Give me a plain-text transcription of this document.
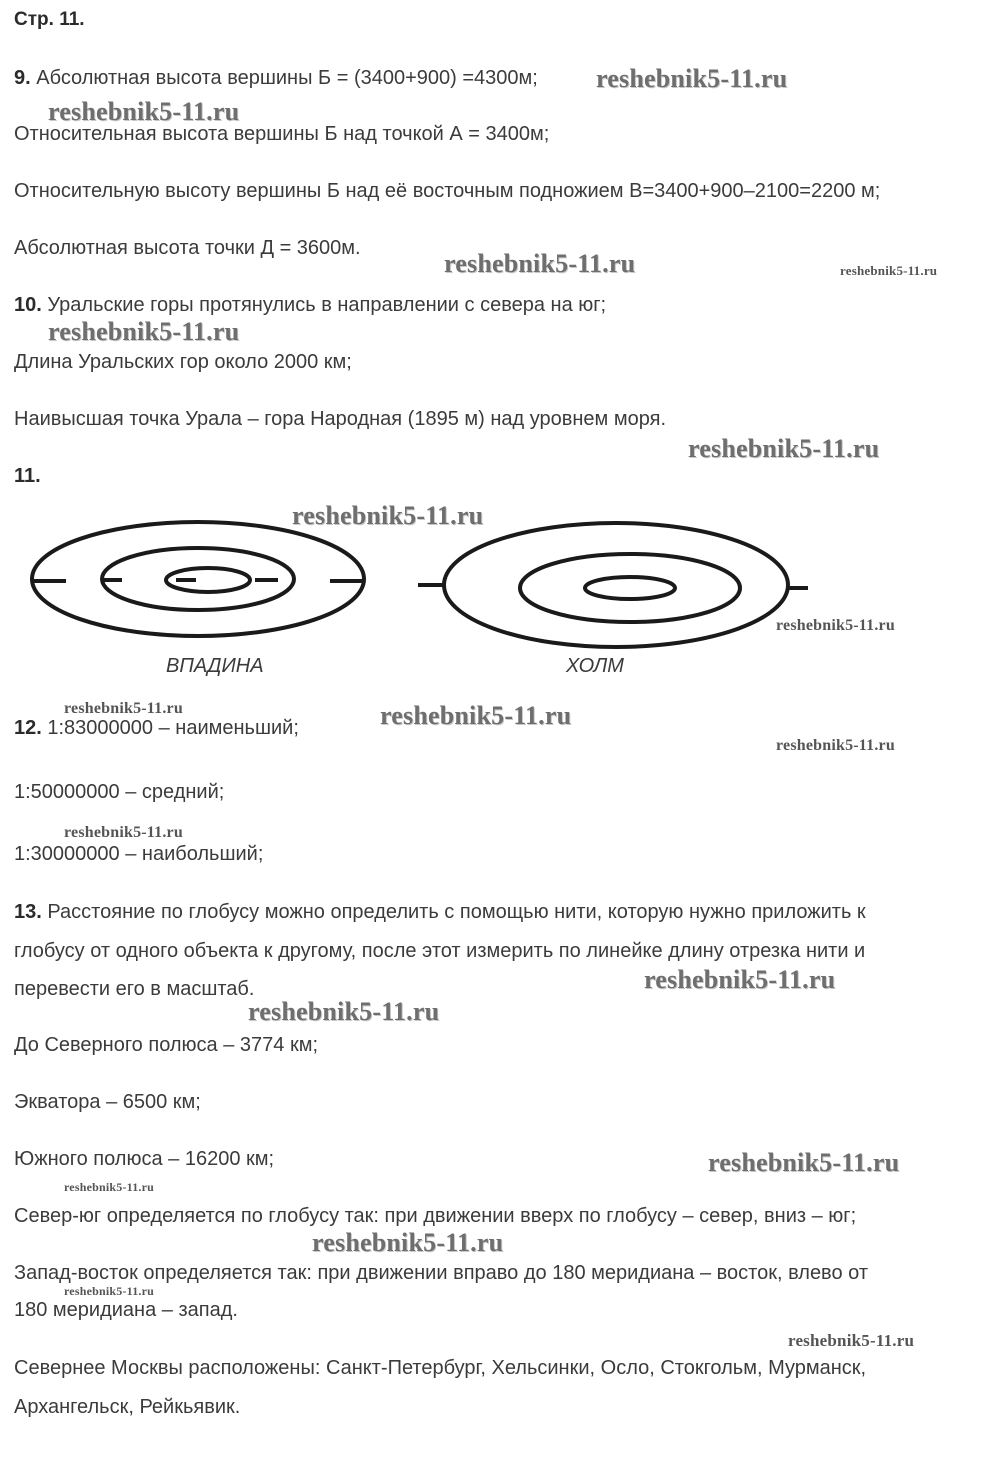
Стр. 11.

9. Абсолютная высота вершины Б = (3400+900) =4300м;

Относительная высота вершины Б над точкой А = 3400м;

Относительную высоту вершины Б над её восточным подножием В=3400+900–2100=2200 м;

Абсолютная высота точки Д = 3600м.

10. Уральские горы протянулись в направлении с севера на юг;

Длина Уральских гор около 2000 км;

Наивысшая точка Урала – гора Народная (1895 м) над уровнем моря.

11.

ВПАДИНА	ХОЛМ

12. 1:83000000 – наименьший;

1:50000000 – средний;

1:30000000 – наибольший;

13. Расстояние по глобусу можно определить с помощью нити, которую нужно приложить к

глобусу от одного объекта к другому, после этот измерить по линейке длину отрезка нити и

перевести его в масштаб.

До Северного полюса – 3774 км;

Экватора – 6500 км;

Южного полюса – 16200 км;

Север-юг определяется по глобусу так: при движении вверх по глобусу – север, вниз – юг;

Запад-восток определяется так: при движении вправо до 180 меридиана – восток, влево от

180 меридиана – запад.

Севернее Москвы расположены: Санкт-Петербург, Хельсинки, Осло, Стокгольм, Мурманск,

Архангельск, Рейкьявик.

reshebnik5-11.ru

reshebnik5-11.ru

reshebnik5-11.ru	reshebnik5-11.ru

reshebnik5-11.ru

reshebnik5-11.ru

reshebnik5-11.ru

reshebnik5-11.ru

reshebnik5-11.ru	reshebnik5-11.ru

reshebnik5-11.ru

reshebnik5-11.ru

reshebnik5-11.ru

reshebnik5-11.ru

reshebnik5-11.ru

reshebnik5-11.ru

reshebnik5-11.ru

reshebnik5-11.ru

reshebnik5-11.ru
